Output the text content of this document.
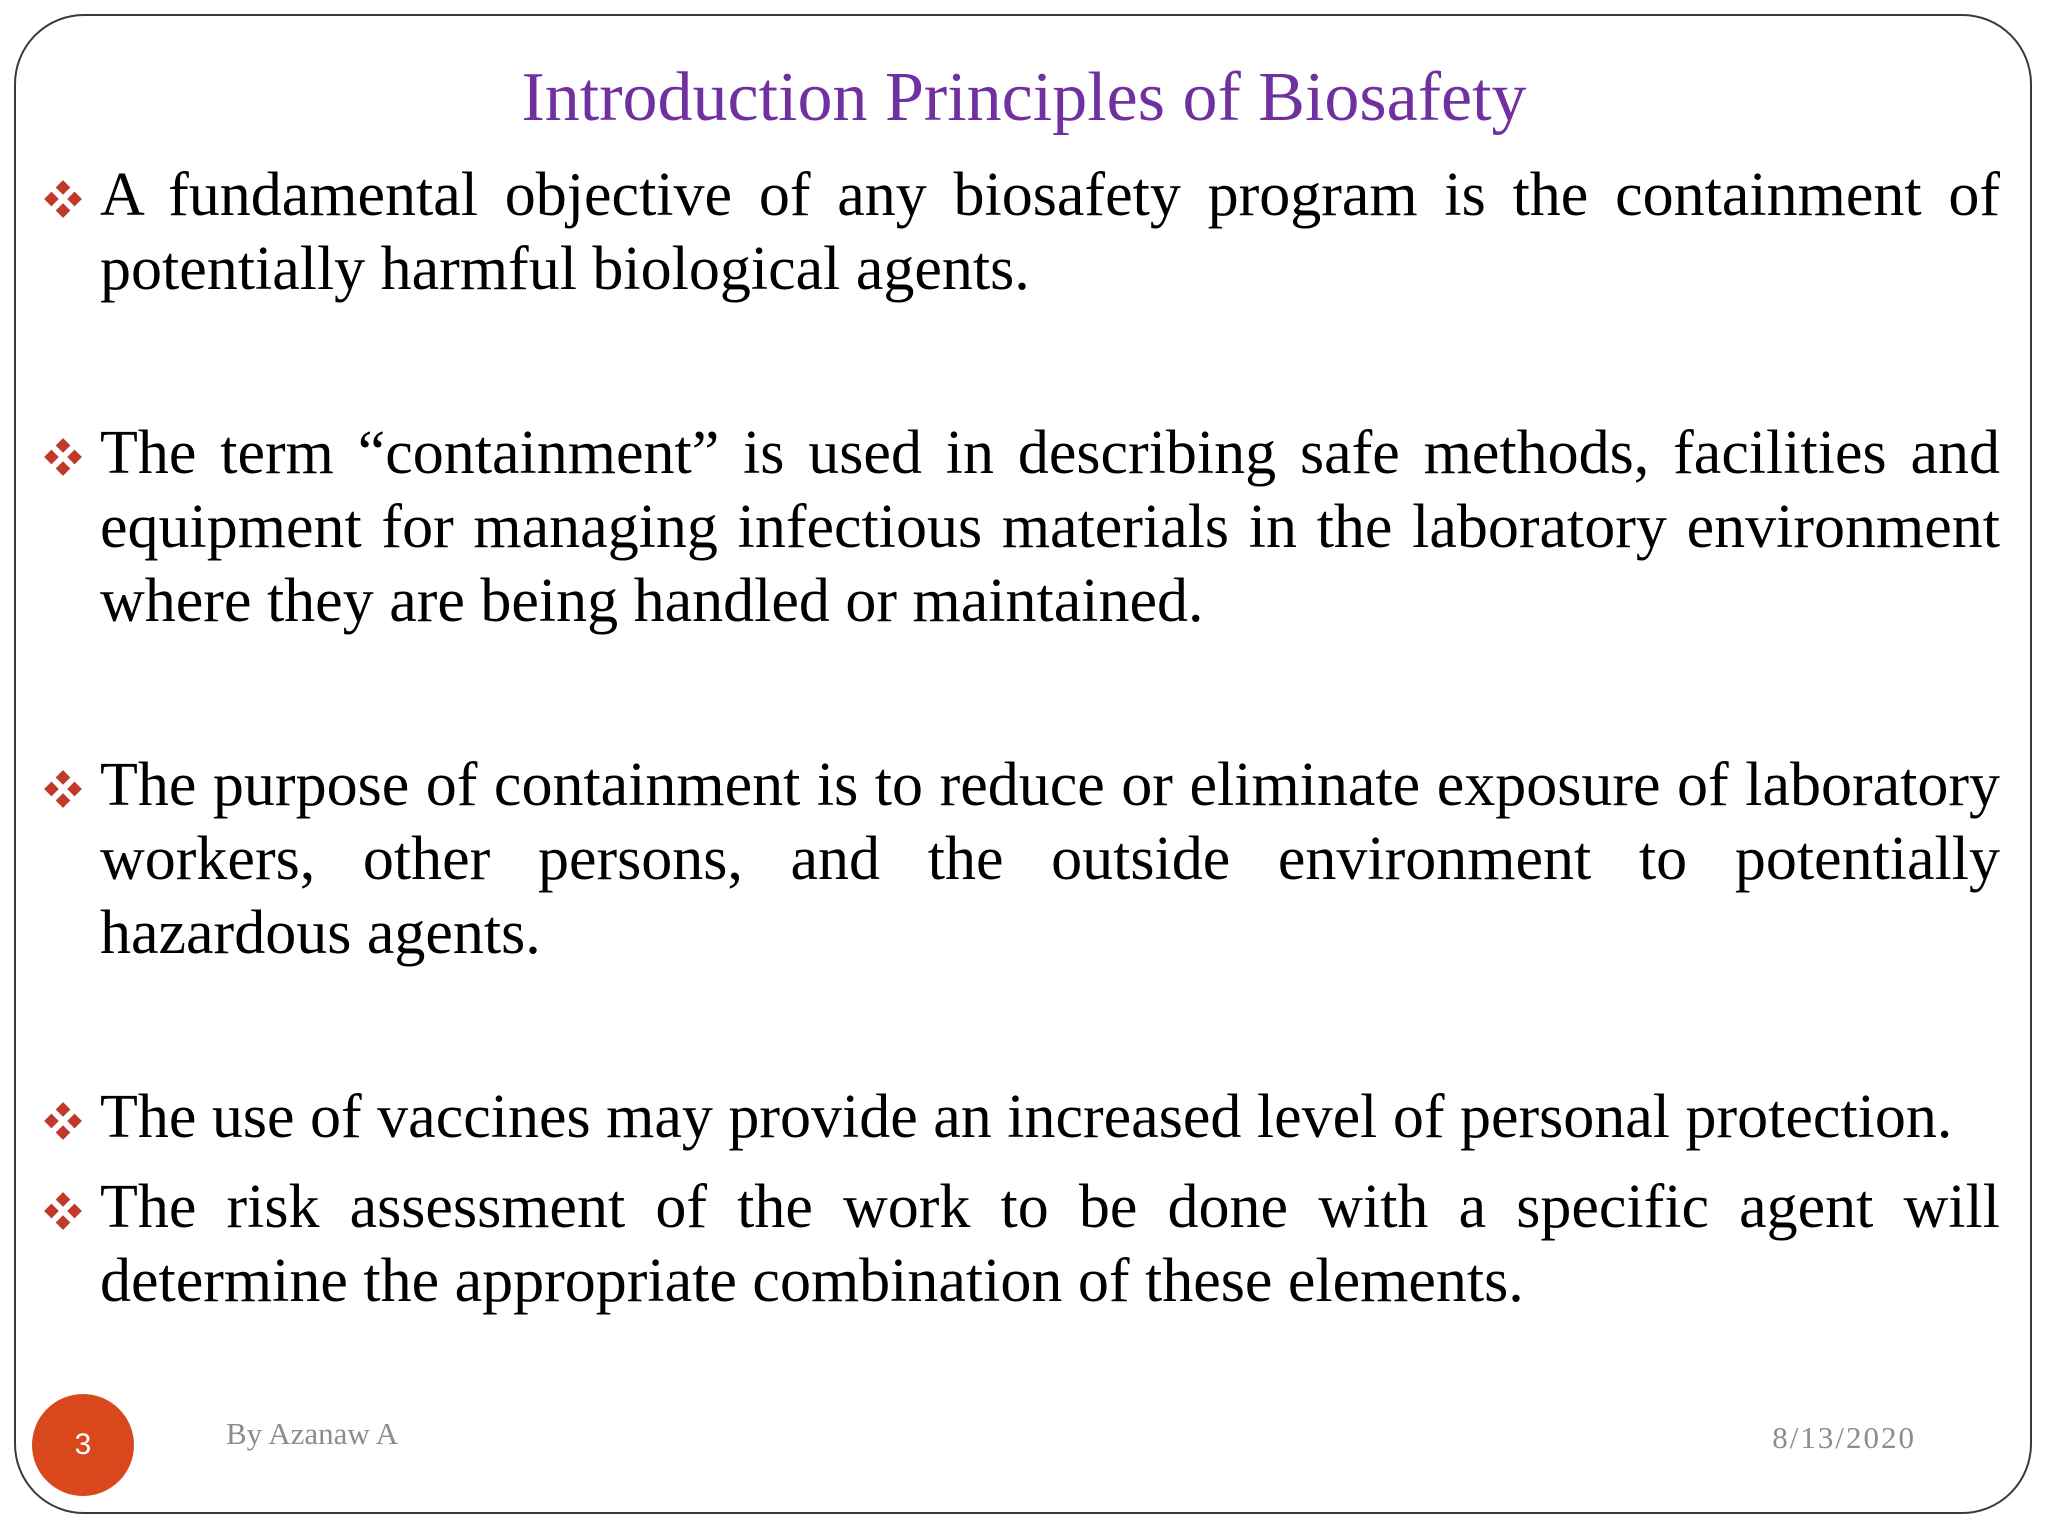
Introduction Principles of Biosafety
A fundamental objective of any biosafety program is the containment of potentially harmful biological agents.
The term “containment” is used in describing safe methods, facilities and equipment for managing infectious materials in the laboratory environment where they are being handled or maintained.
The purpose of containment is to reduce or eliminate exposure of laboratory workers, other persons, and the outside environment to potentially hazardous agents.
The use of vaccines may provide an increased level of personal protection.
The risk assessment of the work to be done with a specific agent will determine the appropriate combination of these elements.
3	By Azanaw A	8/13/2020
